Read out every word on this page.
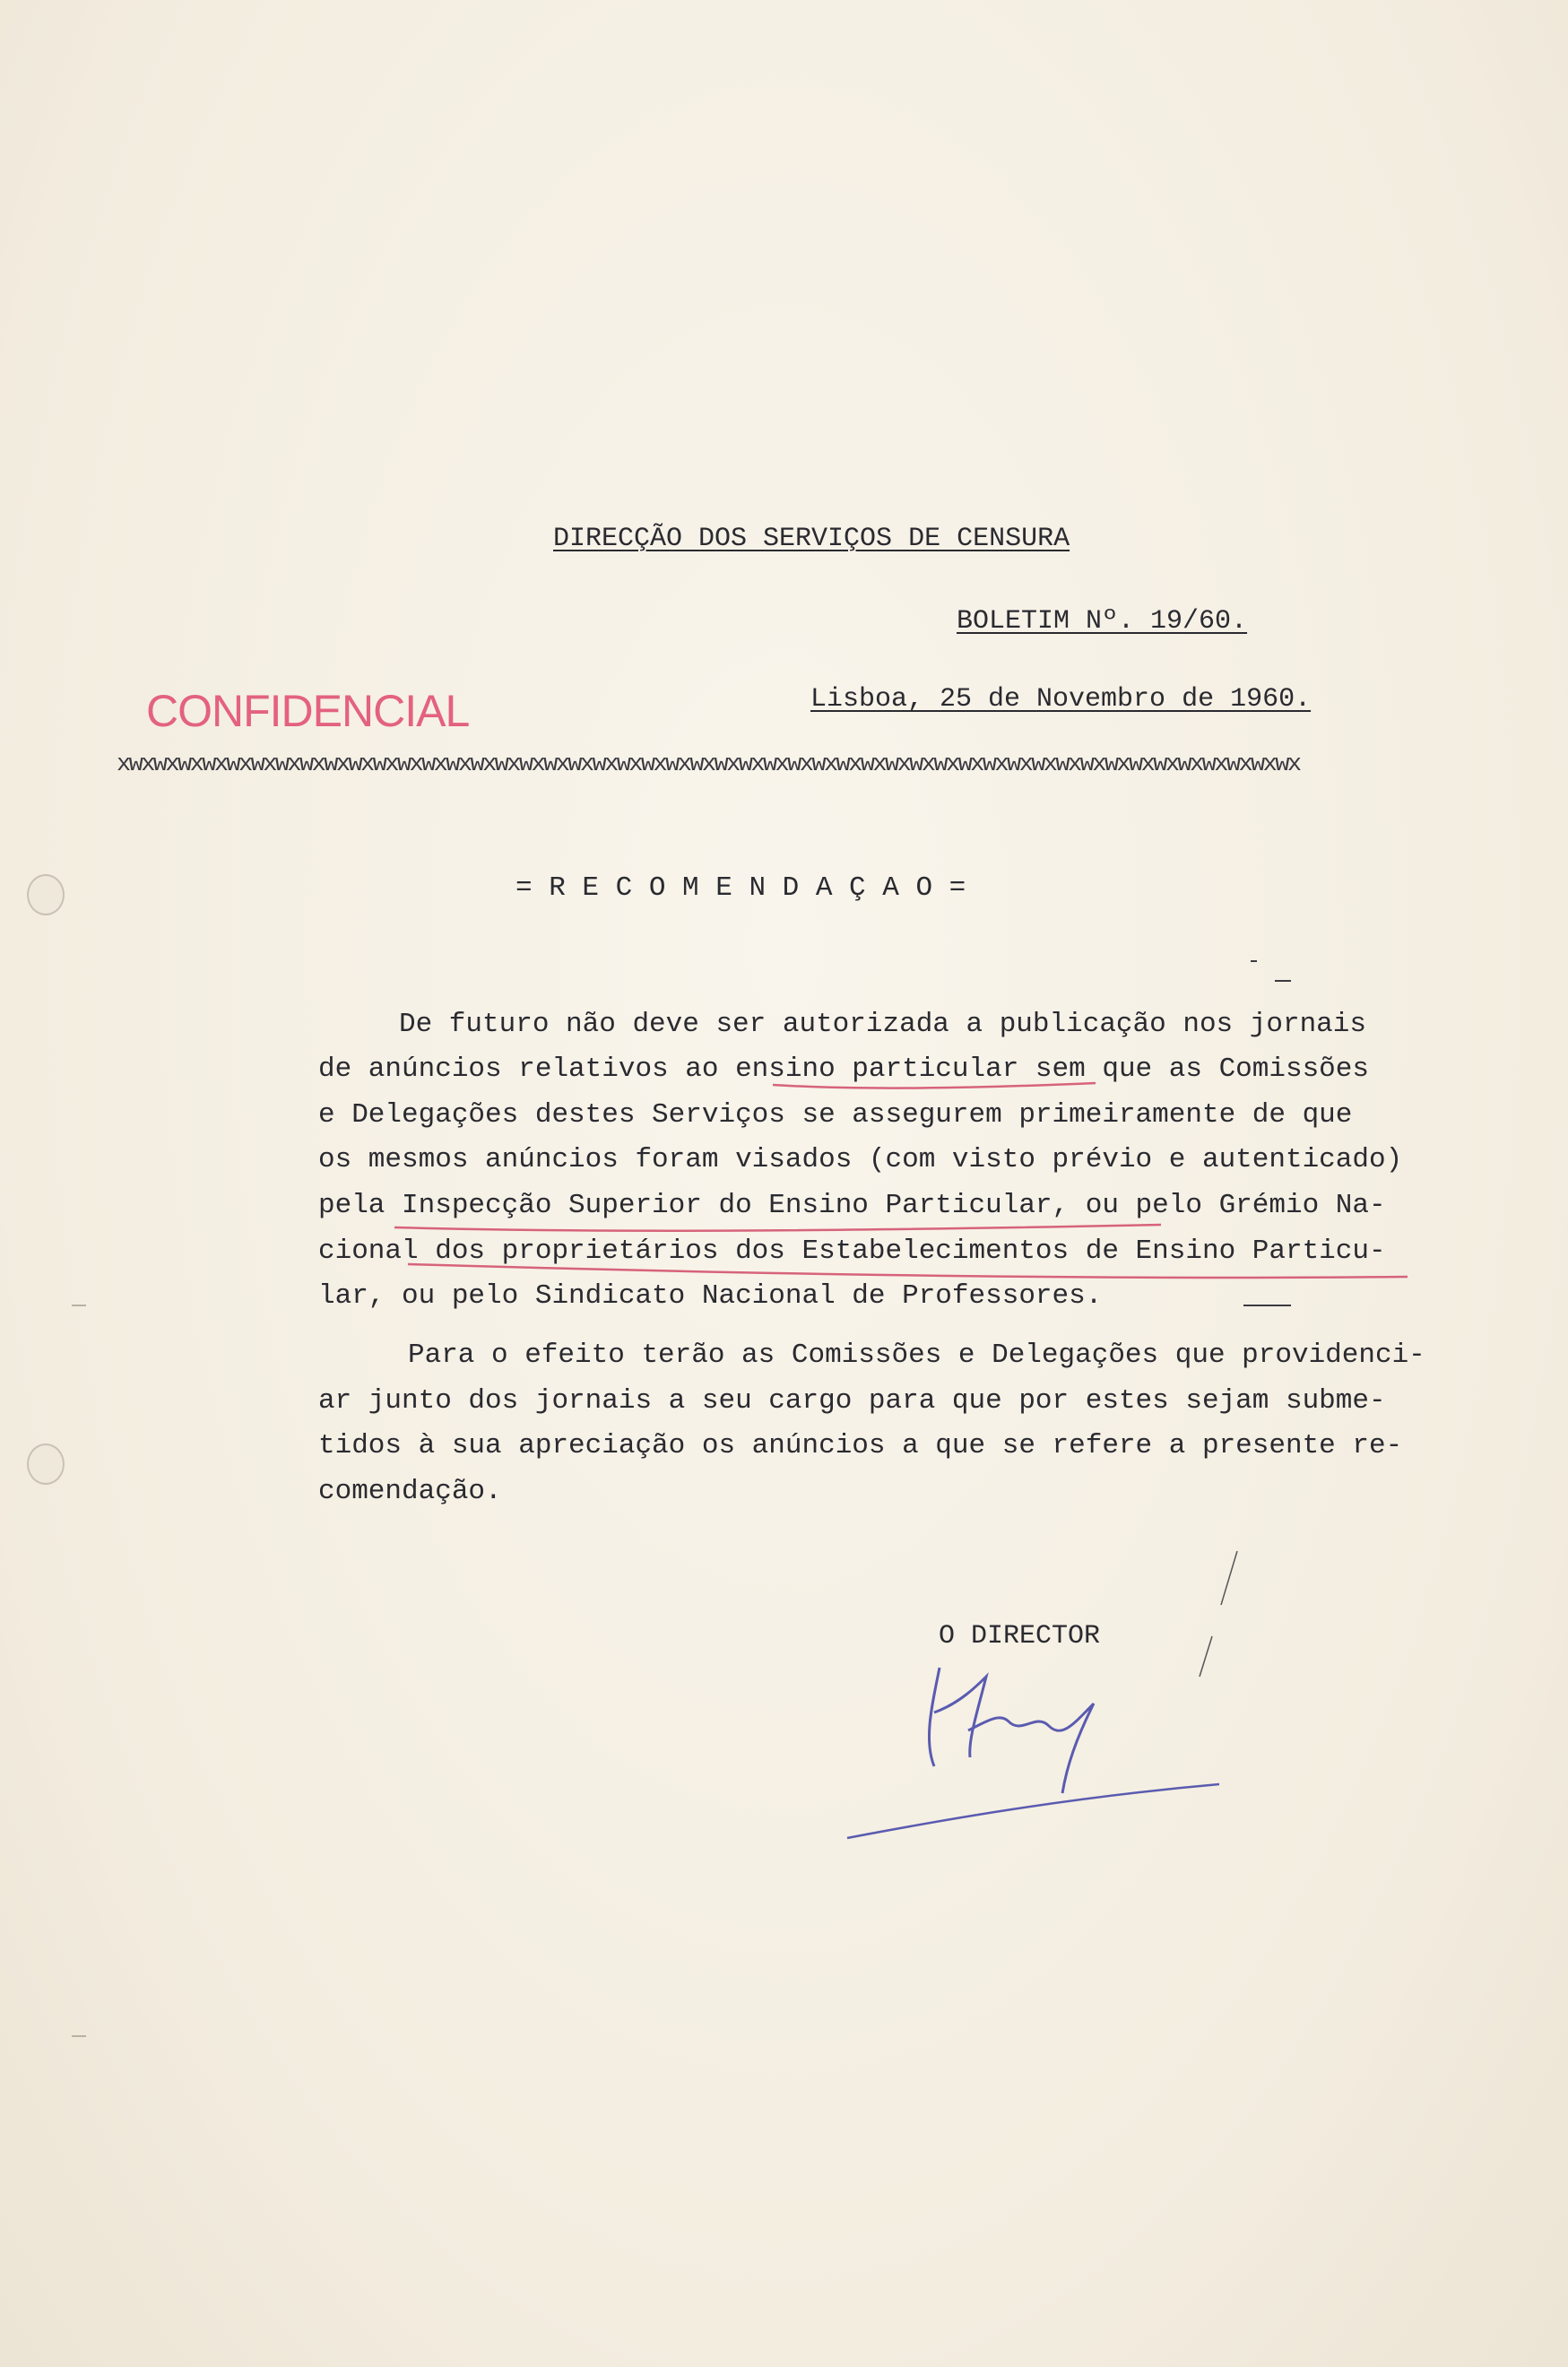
DIRECÇÃO DOS SERVIÇOS DE CENSURA
BOLETIM Nº. 19/60.
Lisboa, 25 de Novembro de 1960.
CONFIDENCIAL
xwxwxwxwxwxwxwxwxwxwxwxwxwxwxwxwxwxwxwxwxwxwxwxwxwxwxwxwxwxwxwxwxwxwxwxwxwxwxwxwxwxwxwxwxwxwxwxwx
= R E C O M E N D A Ç A O =
De futuro não deve ser autorizada a publicação nos jornais
de anúncios relativos ao ensino particular sem que as Comissões
e Delegações destes Serviços se assegurem primeiramente de que
os mesmos anúncios foram visados (com visto prévio e autenticado)
pela Inspecção Superior do Ensino Particular, ou pelo Grémio Na-
cional dos proprietários dos Estabelecimentos de Ensino Particu-
lar, ou pelo Sindicato Nacional de Professores.
Para o efeito terão as Comissões e Delegações que providenci-
ar junto dos jornais a seu cargo para que por estes sejam subme-
tidos à sua apreciação os anúncios a que se refere a presente re-
comendação.
O DIRECTOR
